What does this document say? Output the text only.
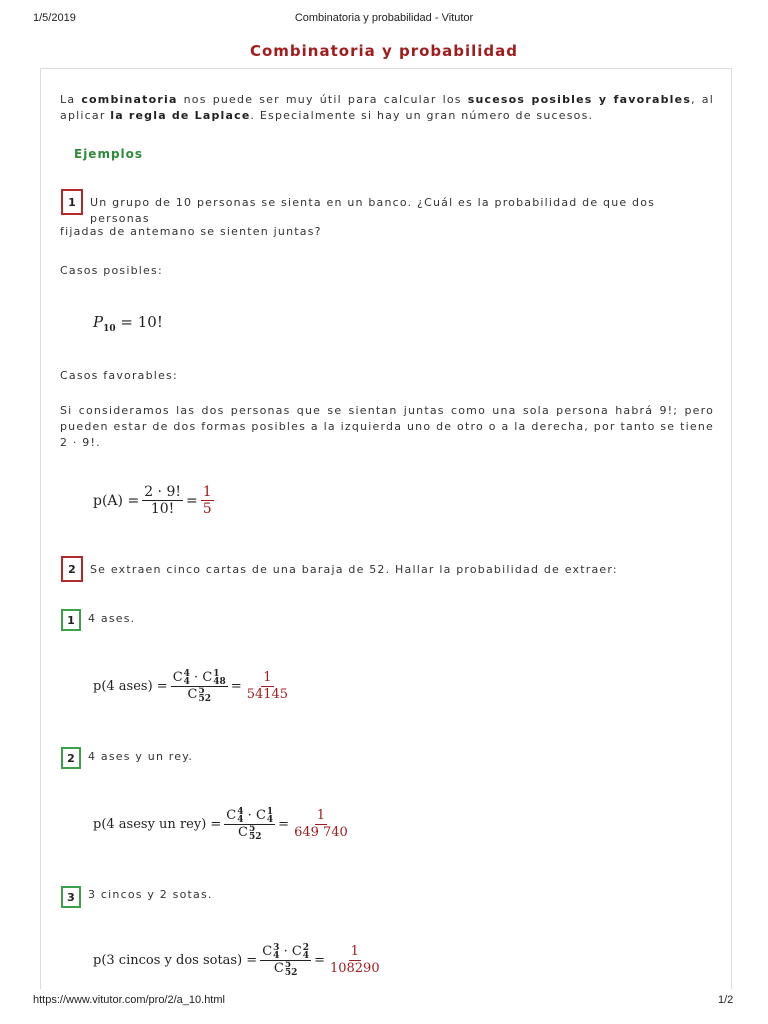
1/5/2019	Combinatoria y probabilidad - Vitutor
Combinatoria y probabilidad
La combinatoria nos puede ser muy útil para calcular los sucesos posibles y favorables, al aplicar la regla de Laplace. Especialmente si hay un gran número de sucesos.
Ejemplos
1	Un grupo de 10 personas se sienta en un banco. ¿Cuál es la probabilidad de que dos personas
fijadas de antemano se sienten juntas?
Casos posibles:
$P_{10} = 10$!
Casos favorables:
Si consideramos las dos personas que se sientan juntas como una sola persona habrá 9!; pero pueden estar de dos formas posibles a la izquierda uno de otro o a la derecha, por tanto se tiene 2 · 9!.
$p(A) = \frac{2 \cdot 9!}{10!} = \frac{1}{5}$
2	Se extraen cinco cartas de una baraja de 52. Hallar la probabilidad de extraer:
1	4 ases.
p(4 ases) = C 4
4 · C 1
48
C 5
$52 = \frac{1}{54145}$
2	4 ases y un rey.
p(4 asesy un rey) = C 4
4 · C 1
4
C 5
$52 = \frac{1}{649 740}$
3	3 cincos y 2 sotas.
p(3 cincos y dos sotas) = C 3
4 · C 2
4
C 5
$52 = \frac{1}{108290}$
https://www.vitutor.com/pro/2/a_10.html	1/2
